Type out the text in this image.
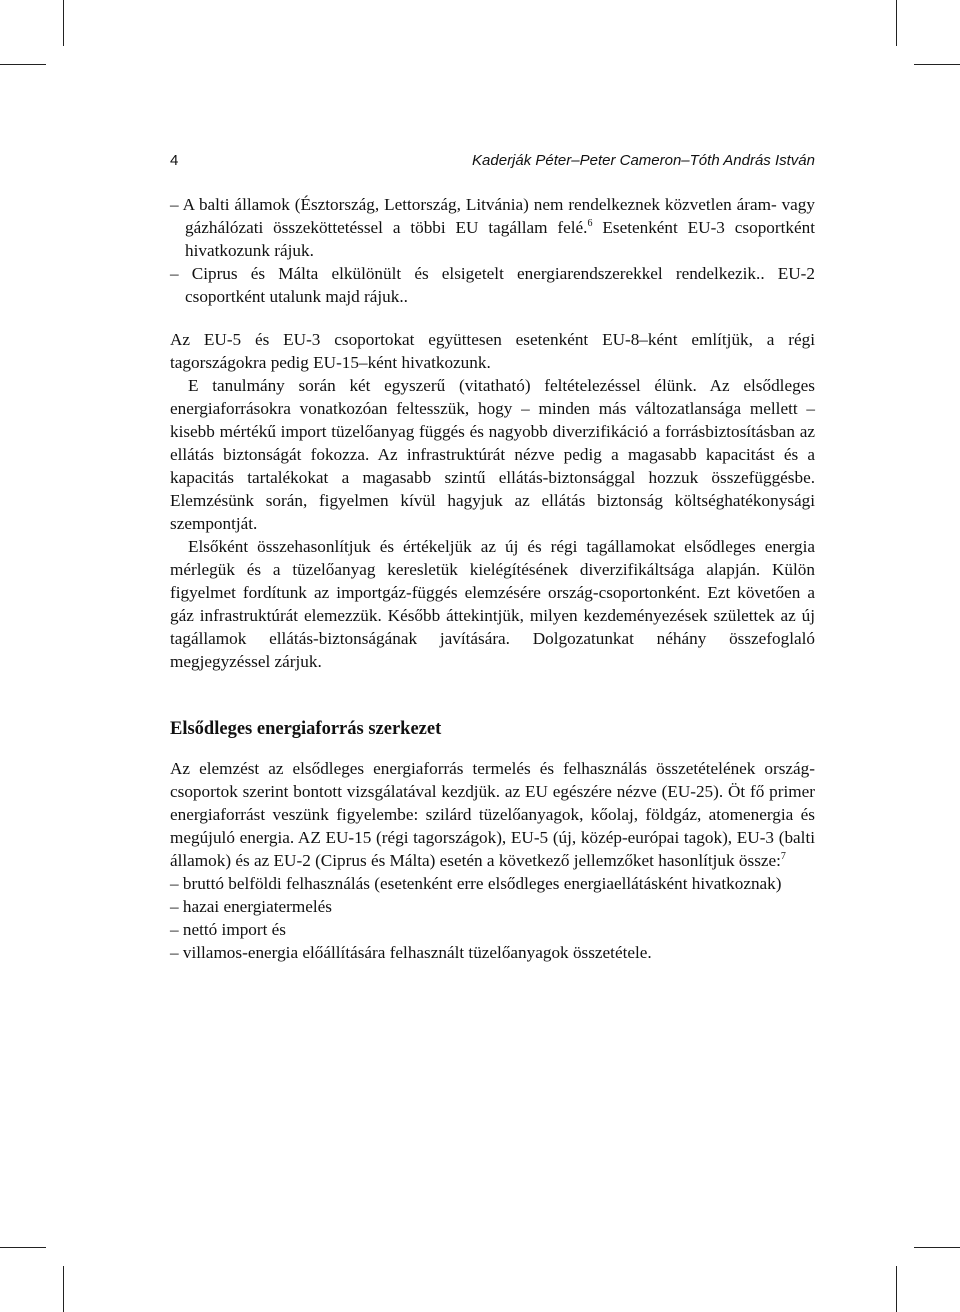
4	Kaderják Péter–Peter Cameron–Tóth András István

– A balti államok (Észtország, Lettország, Litvánia) nem rendelkeznek közvetlen áram- vagy gázhálózati összeköttetéssel a többi EU tagállam felé.$^6$ Esetenként EU-3 csoportként hivatkozunk rájuk.

– Ciprus és Málta elkülönült és elsigetelt energiarendszerekkel rendelkezik.. EU-2 csoportként utalunk majd rájuk..

Az EU-5 és EU-3 csoportokat együttesen esetenként EU-8–ként említjük, a régi tagországokra pedig EU-15–ként hivatkozunk.

E tanulmány során két egyszerű (vitatható) feltételezéssel élünk. Az elsődleges energiaforrásokra vonatkozóan feltesszük, hogy – minden más változatlansága mellett – kisebb mértékű import tüzelőanyag függés és nagyobb diverzifikáció a forrásbiztosításban az ellátás biztonságát fokozza. Az infrastruktúrát nézve pedig a magasabb kapacitást és a kapacitás tartalékokat a magasabb szintű ellátás-biztonsággal hozzuk összefüggésbe. Elemzésünk során, figyelmen kívül hagyjuk az ellátás biztonság költséghatékonysági szempontját.

Elsőként összehasonlítjuk és értékeljük az új és régi tagállamokat elsődleges energia mérlegük és a tüzelőanyag keresletük kielégítésének diverzifikáltsága alapján. Külön figyelmet fordítunk az importgáz-függés elemzésére ország-csoportonként. Ezt követően a gáz infrastruktúrát elemezzük. Később áttekintjük, milyen kezdeményezések születtek az új tagállamok ellátás-biztonságának javítására. Dolgozatunkat néhány összefoglaló megjegyzéssel zárjuk.

Elsődleges energiaforrás szerkezet

Az elemzést az elsődleges energiaforrás termelés és felhasználás összetételének ország-csoportok szerint bontott vizsgálatával kezdjük. az EU egészére nézve (EU-25). Öt fő primer energiaforrást veszünk figyelembe: szilárd tüzelőanyagok, kőolaj, földgáz, atomenergia és megújuló energia. AZ EU-15 (régi tagországok), EU-5 (új, közép-európai tagok), EU-3 (balti államok) és az EU-2 (Ciprus és Málta) esetén a következő jellemzőket hasonlítjuk össze:$^7$

– bruttó belföldi felhasználás (esetenként erre elsődleges energiaellátásként hivatkoznak)

– hazai energiatermelés

– nettó import és

– villamos-energia előállítására felhasznált tüzelőanyagok összetétele.
